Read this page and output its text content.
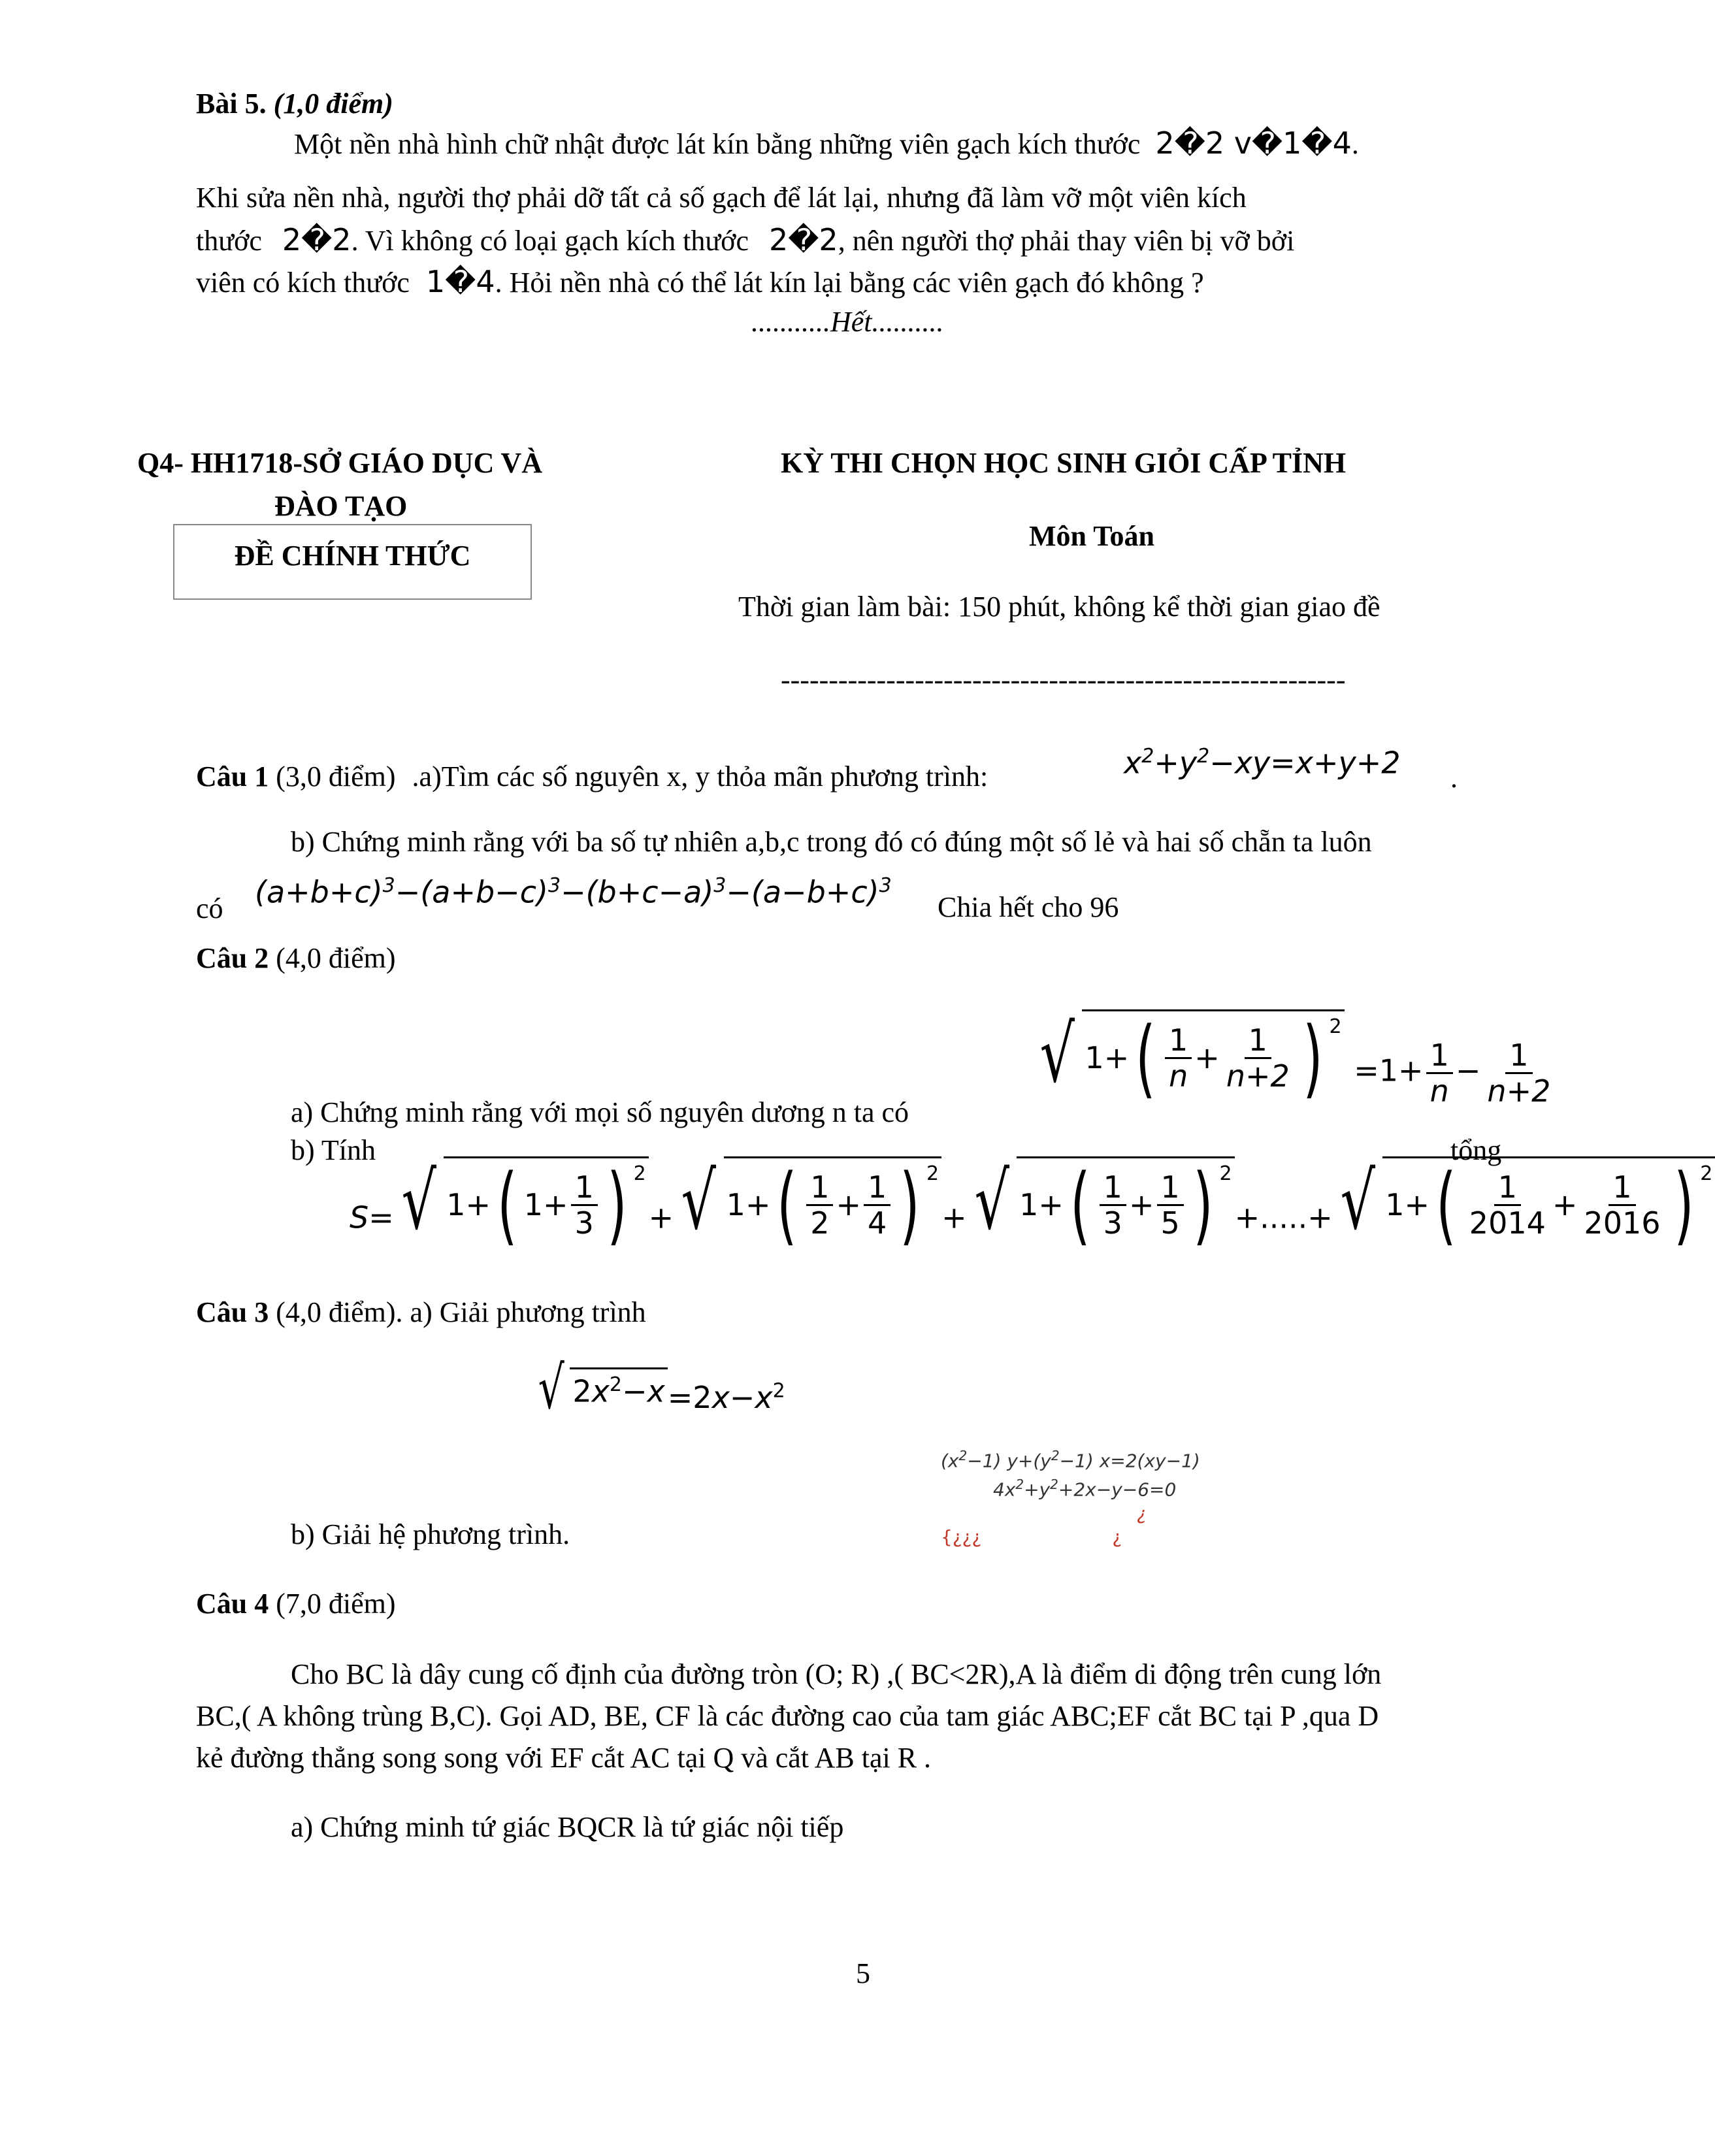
Bài 5. (1,0 điểm)
Một nền nhà hình chữ nhật được lát kín bằng những viên gạch kích thước 2�2 v�1�4.
Khi sửa nền nhà, người thợ phải dỡ tất cả số gạch để lát lại, nhưng đã làm vỡ một viên kích
thước 2�2. Vì không có loại gạch kích thước 2�2, nên người thợ phải thay viên bị vỡ bởi
viên có kích thước 1�4. Hỏi nền nhà có thể lát kín lại bằng các viên gạch đó không ?
...........Hết..........
Q4- HH1718-SỞ GIÁO DỤC VÀ
ĐÀO TẠO
ĐỀ CHÍNH THỨC
KỲ THI CHỌN HỌC SINH GIỎI CẤP TỈNH
Môn Toán
Thời gian làm bài: 150 phút, không kể thời gian giao đề
-----------------------------------------------------------
Câu 1 (3,0 điểm) .a)Tìm các số nguyên x, y thỏa mãn phương trình:	$x^2+y^2-xy=x+y+2$ .
b) Chứng minh rằng với ba số tự nhiên a,b,c trong đó có đúng một số lẻ và hai số chẵn ta luôn
có $(a+b+c)^3-(a+b-c)^3-(b+c-a)^3-(a-b+c)^3$
Chia hết cho 96
Câu 2 (4,0 điểm)
√ 1+ ( $\frac{1}{n} + \frac{1}{n+2}$ ) $^2$
$=1+ \frac{1}{n} - \frac{1}{n+2}$
a) Chứng minh rằng với mọi số nguyên dương n ta có
b) Tính	tổng
S= √ 1+ ( $1+ \frac{1}{3}$ ) $^2$
+ √ 1+ ( $\frac{1}{2} + \frac{1}{4}$ ) $^2$
+ √ 1+ ( $\frac{1}{3} + \frac{1}{5}$ ) $^2$
+.....+ √ 1+ ( $\frac{1}{2014} + \frac{1}{2016}$ ) $^2$
Câu 3 (4,0 điểm). a) Giải phương trình
√ $2x^2-x =2x-x^2$
$(x^2-1)$ $y+(y^2-1)$ x=2(xy−1)
$4x^2+y^2+2x-y-6=0$
¿
{¿¿¿	¿
b) Giải hệ phương trình.
Câu 4 (7,0 điểm)
Cho BC là dây cung cố định của đường tròn (O; R) ,( BC<2R),A là điểm di động trên cung lớn
BC,( A không trùng B,C). Gọi AD, BE, CF là các đường cao của tam giác ABC;EF cắt BC tại P ,qua D
kẻ đường thẳng song song với EF cắt AC tại Q và cắt AB tại R .
a) Chứng minh tứ giác BQCR là tứ giác nội tiếp
5
